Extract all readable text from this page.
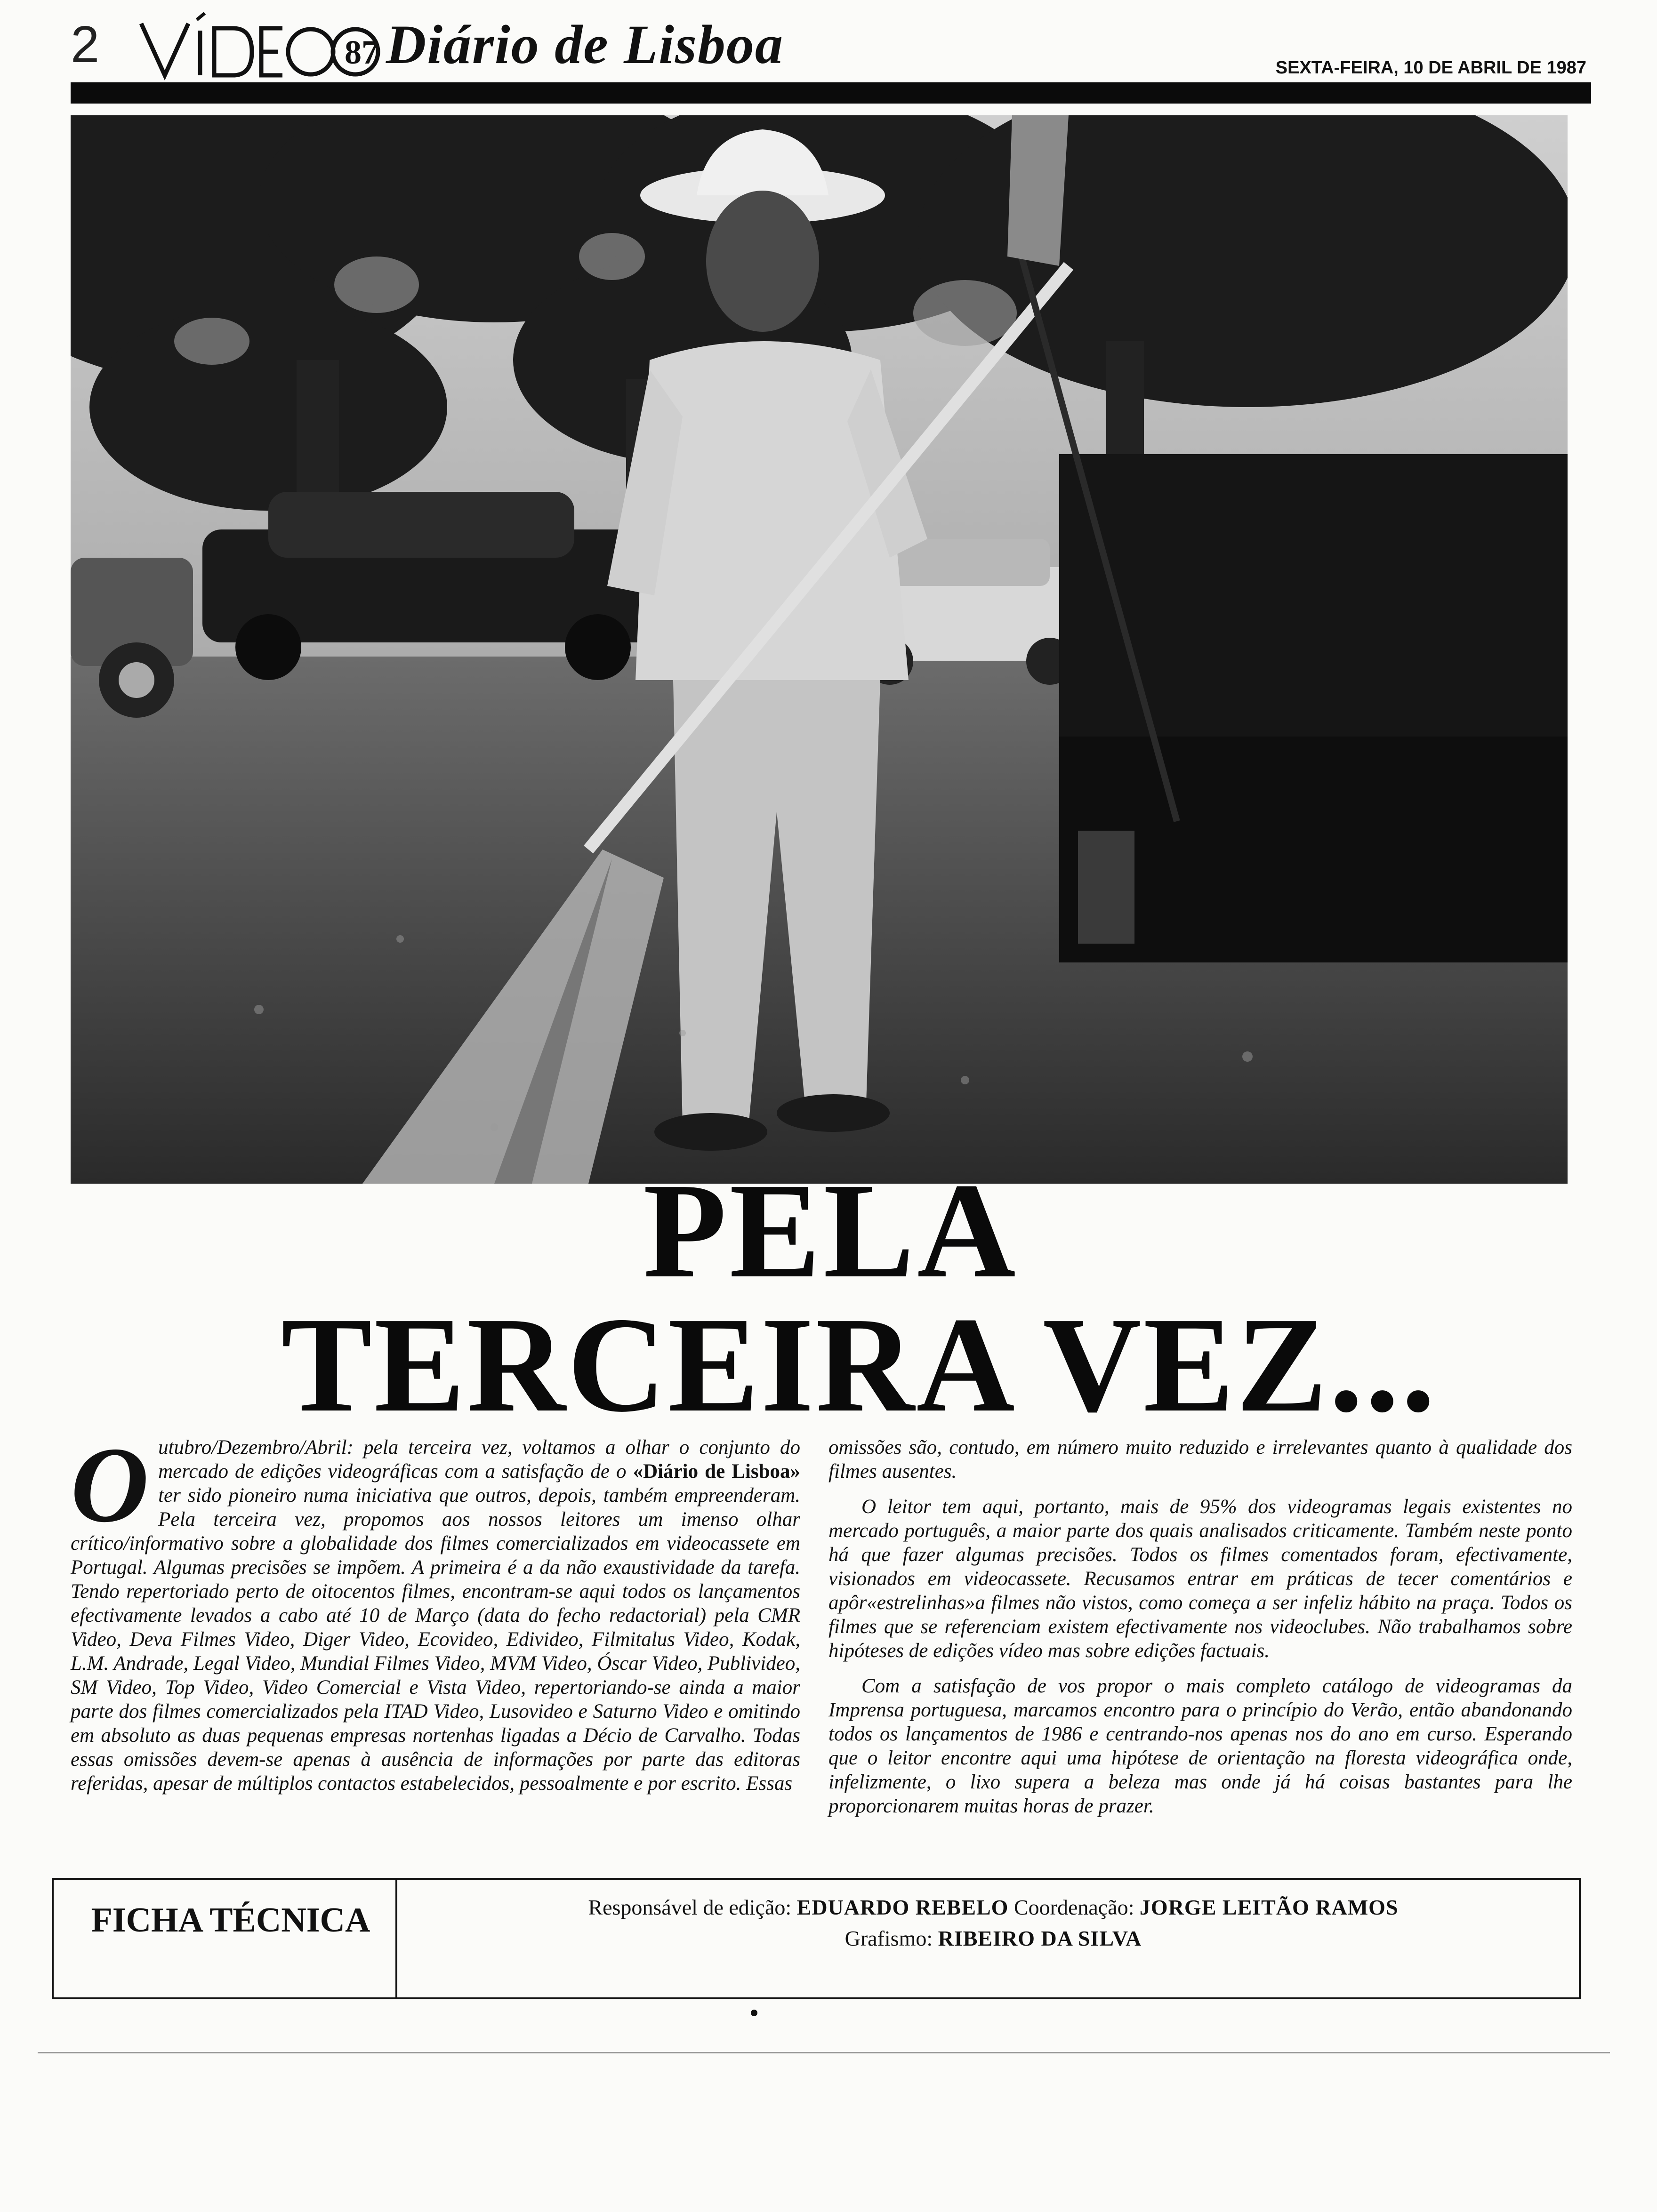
2	87 Diário de Lisboa	SEXTA-FEIRA, 10 DE ABRIL DE 1987
PELA
TERCEIRA VEZ...

Outubro/Dezembro/Abril: pela terceira vez, voltamos a olhar o conjunto do mercado de edições videográficas com a satisfação de o «Diário de Lisboa» ter sido pioneiro numa iniciativa que outros, depois, também empreenderam. Pela terceira vez, propomos aos nossos leitores um imenso olhar crítico/informativo sobre a globalidade dos filmes comercializados em videocassete em Portugal. Algumas precisões se impõem. A primeira é a da não exaustividade da tarefa. Tendo repertoriado perto de oitocentos filmes, encontram-se aqui todos os lançamentos efectivamente levados a cabo até 10 de Março (data do fecho redactorial) pela CMR Video, Deva Filmes Video, Diger Video, Ecovideo, Edivideo, Filmitalus Video, Kodak, L.M. Andrade, Legal Video, Mundial Filmes Video, MVM Video, Óscar Video, Publivideo, SM Video, Top Video, Video Comercial e Vista Video, repertoriando-se ainda a maior parte dos filmes comercializados pela ITAD Video, Lusovideo e Saturno Video e omitindo em absoluto as duas pequenas empresas nortenhas ligadas a Décio de Carvalho. Todas essas omissões devem-se apenas à ausência de informações por parte das editoras referidas, apesar de múltiplos contactos estabelecidos, pessoalmente e por escrito. Essas

omissões são, contudo, em número muito reduzido e irrelevantes quanto à qualidade dos filmes ausentes.

O leitor tem aqui, portanto, mais de 95% dos videogramas legais existentes no mercado português, a maior parte dos quais analisados criticamente. Também neste ponto há que fazer algumas precisões. Todos os filmes comentados foram, efectivamente, visionados em videocassete. Recusamos entrar em práticas de tecer comentários e apôr«estrelinhas»a filmes não vistos, como começa a ser infeliz hábito na praça. Todos os filmes que se referenciam existem efectivamente nos videoclubes. Não trabalhamos sobre hipóteses de edições vídeo mas sobre edições factuais.

Com a satisfação de vos propor o mais completo catálogo de videogramas da Imprensa portuguesa, marcamos encontro para o princípio do Verão, então abandonando todos os lançamentos de 1986 e centrando-nos apenas nos do ano em curso. Esperando que o leitor encontre aqui uma hipótese de orientação na floresta videográfica onde, infelizmente, o lixo supera a beleza mas onde já há coisas bastantes para lhe proporcionarem muitas horas de prazer.

FICHA TÉCNICA	Responsável de edição: EDUARDO REBELO Coordenação: JORGE LEITÃO RAMOS
Grafismo: RIBEIRO DA SILVA
